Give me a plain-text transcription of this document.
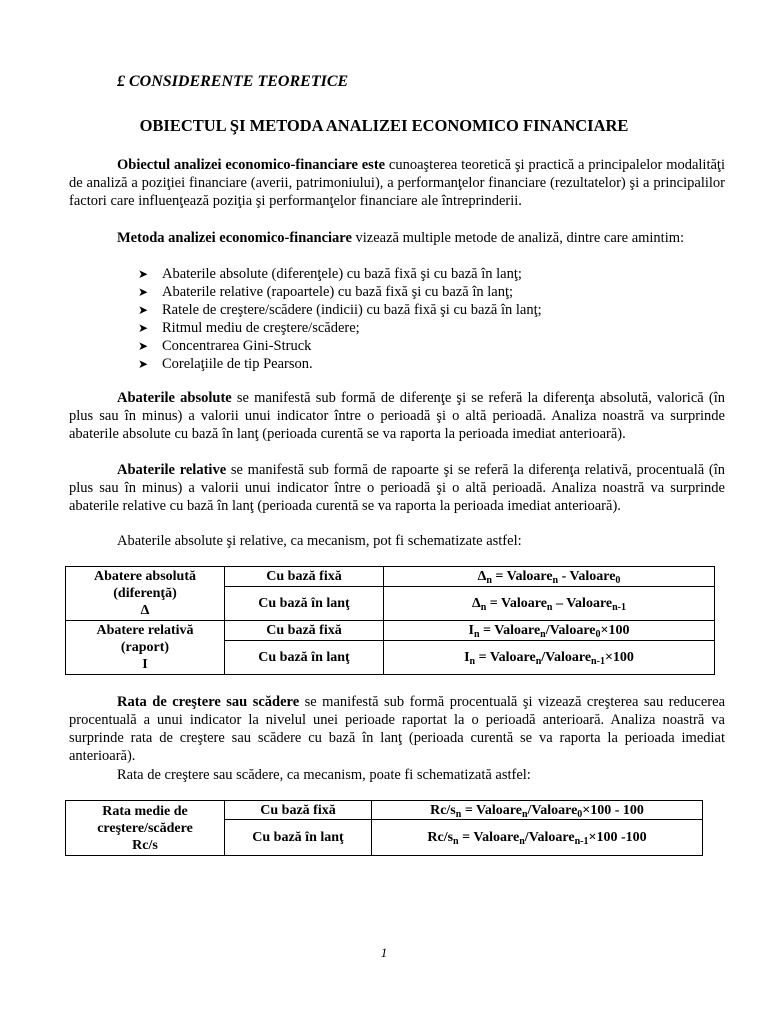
£ CONSIDERENTE TEORETICE
OBIECTUL ŞI METODA ANALIZEI ECONOMICO FINANCIARE

Obiectul analizei economico-financiare este cunoaşterea teoretică şi practică a principalelor modalităţi de analiză a poziţiei financiare (averii, patrimoniului), a performanţelor financiare (rezultatelor) şi a principalilor factori care influenţează poziţia şi performanţelor financiare ale întreprinderii.

Metoda analizei economico-financiare vizează multiple metode de analiză, dintre care amintim:

➤ Abaterile absolute (diferenţele) cu bază fixă şi cu bază în lanţ;
➤ Abaterile relative (rapoartele) cu bază fixă şi cu bază în lanţ;
➤ Ratele de creştere/scădere (indicii) cu bază fixă şi cu bază în lanţ;
➤ Ritmul mediu de creştere/scădere;
➤ Concentrarea Gini-Struck
➤ Corelaţiile de tip Pearson.

Abaterile absolute se manifestă sub formă de diferenţe şi se referă la diferenţa absolută, valorică (în plus sau în minus) a valorii unui indicator între o perioadă şi o altă perioadă. Analiza noastră va surprinde abaterile absolute cu bază în lanţ (perioada curentă se va raporta la perioada imediat anterioară).

Abaterile relative se manifestă sub formă de rapoarte şi se referă la diferenţa relativă, procentuală (în plus sau în minus) a valorii unui indicator între o perioadă şi o altă perioadă. Analiza noastră va surprinde abaterile relative cu bază în lanţ (perioada curentă se va raporta la perioada imediat anterioară).

Abaterile absolute şi relative, ca mecanism, pot fi schematizate astfel:

Abatere absolută
(diferenţă)
Δ	Cu bază fixă	$\Delta_n$ = Valoare$_n$ - Valoare$_0$
	Cu bază în lanţ	$\Delta_n$ = Valoare$_n$ – Valoare$_{n-1}$

Abatere relativă
(raport)
I	Cu bază fixă	$I_n$ = Valoare$_n$/Valoare$_0$×100
	Cu bază în lanţ	$I_n$ = Valoare$_n$/Valoare$_{n-1}$×100

Rata de creştere sau scădere se manifestă sub formă procentuală şi vizează creşterea sau reducerea procentuală a unui indicator la nivelul unei perioade raportat la o perioadă anterioară. Analiza noastră va surprinde rata de creştere sau scădere cu bază în lanţ (perioada curentă se va raporta la perioada imediat anterioară).

Rata de creştere sau scădere, ca mecanism, poate fi schematizată astfel:

Rata medie de
creştere/scădere
Rc/s	Cu bază fixă	$Rc/s_n$ = Valoare$_n$/Valoare$_0$×100 - 100
	Cu bază în lanţ	$Rc/s_n$ = Valoare$_n$/Valoare$_{n-1}$×100 -100
1
